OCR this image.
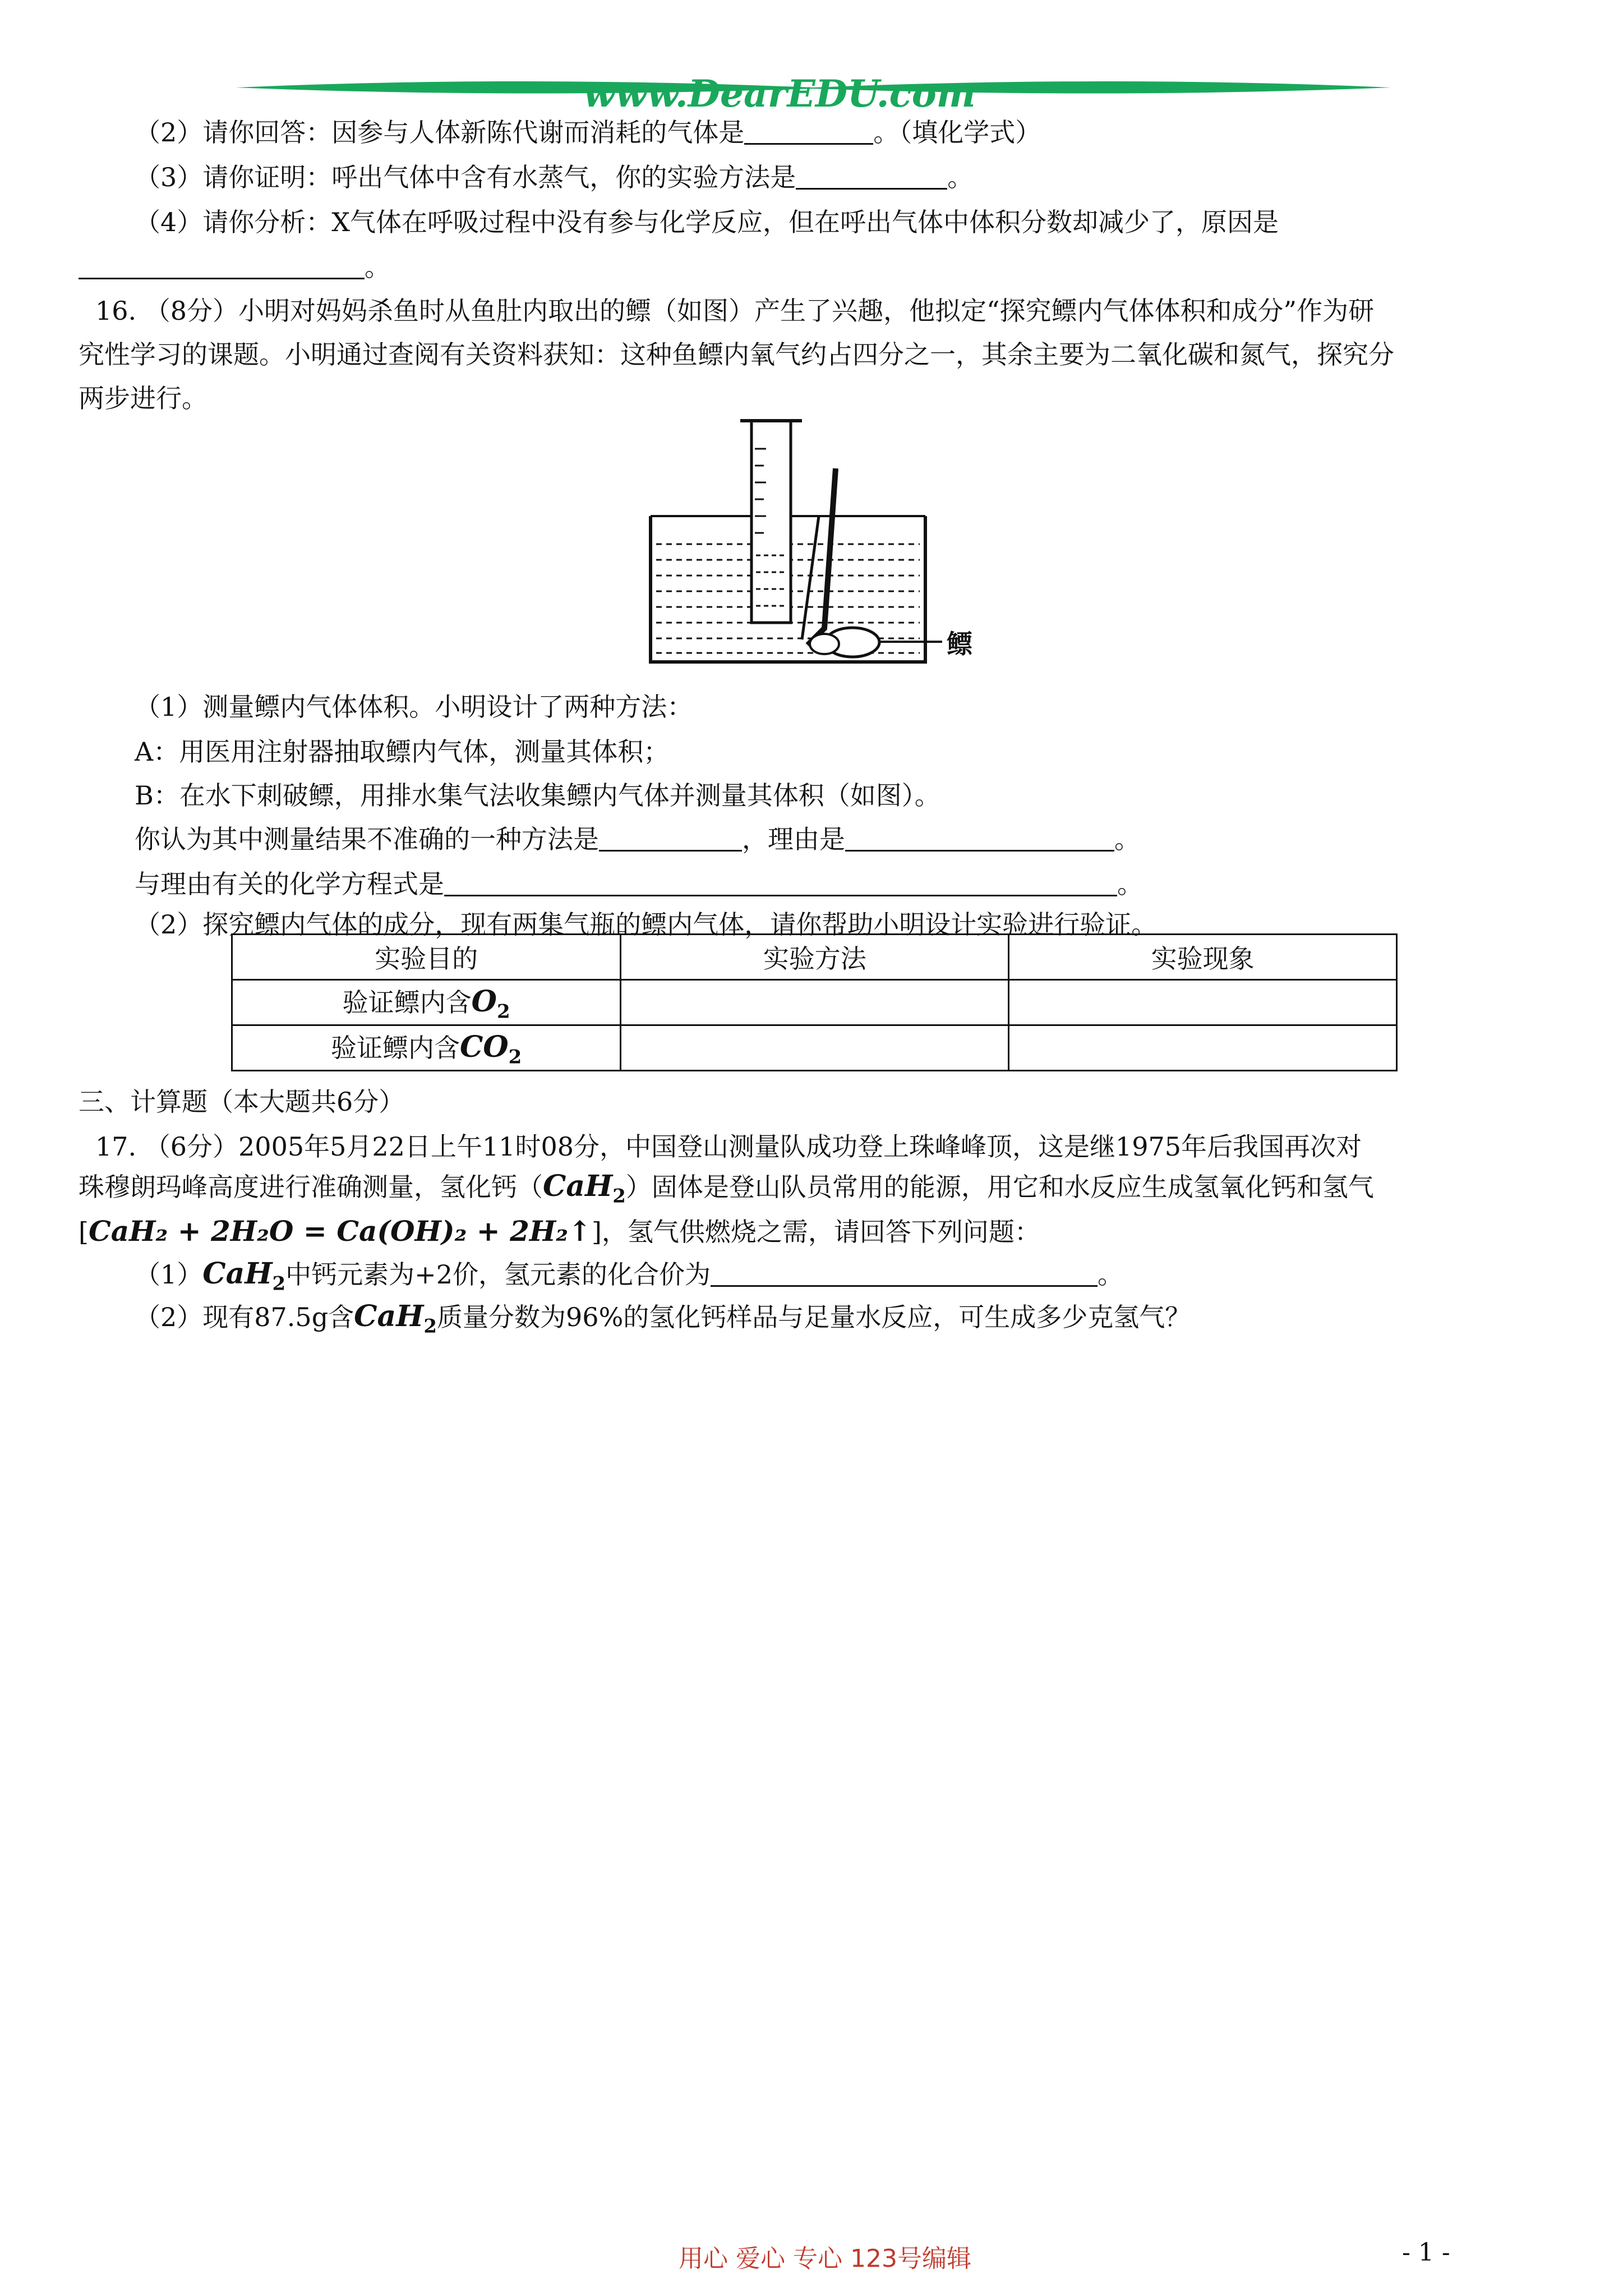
www.DearEDU.com
（2）请你回答：因参与人体新陈代谢而消耗的气体是	。（填化学式）
（3）请你证明：呼出气体中含有水蒸气，你的实验方法是	。
（4）请你分析：X气体在呼吸过程中没有参与化学反应，但在呼出气体中体积分数却减少了，原因是
。
16. （8分）小明对妈妈杀鱼时从鱼肚内取出的鳔（如图）产生了兴趣，他拟定“探究鳔内气体体积和成分”作为研
究性学习的课题。小明通过查阅有关资料获知：这种鱼鳔内氧气约占四分之一，其余主要为二氧化碳和氮气，探究分
两步进行。
鳔
（1）测量鳔内气体体积。小明设计了两种方法：
A：用医用注射器抽取鳔内气体，测量其体积；
B：在水下刺破鳔，用排水集气法收集鳔内气体并测量其体积（如图）。
你认为其中测量结果不准确的一种方法是	，理由是	。
与理由有关的化学方程式是	。
（2）探究鳔内气体的成分，现有两集气瓶的鳔内气体，请你帮助小明设计实验进行验证。
实验目的	实验方法	实验现象
验证鳔内含$O_2$		
验证鳔内含$CO_2$		
三、计算题（本大题共6分）
17. （6分）2005年5月22日上午11时08分，中国登山测量队成功登上珠峰峰顶，这是继1975年后我国再次对
珠穆朗玛峰高度进行准确测量，氢化钙（CaH$_2$）固体是登山队员常用的能源，用它和水反应生成氢氧化钙和氢气
[CaH₂ + 2H₂O = Ca(OH)₂ + 2H₂↑]，氢气供燃烧之需，请回答下列问题：
（1）CaH$_2$中钙元素为+2价，氢元素的化合价为	。
（2）现有87.5g含CaH$_2$质量分数为96%的氢化钙样品与足量水反应，可生成多少克氢气？
用心 爱心 专心 123号编辑	- 1 -
